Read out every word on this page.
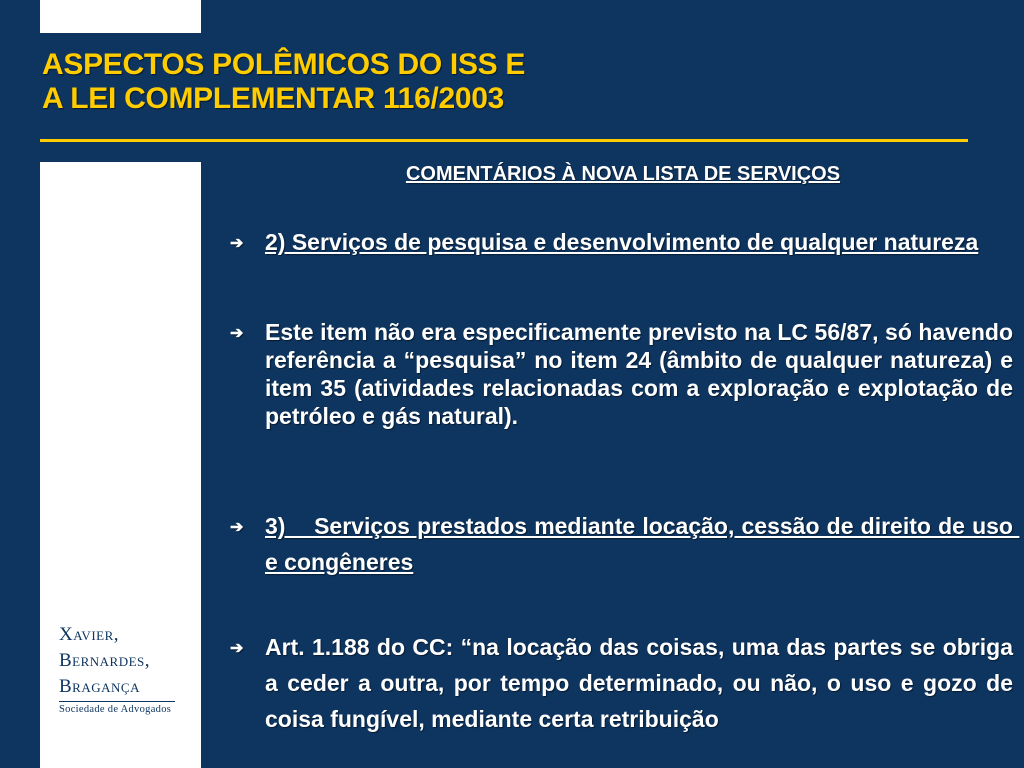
ASPECTOS POLÊMICOS DO ISS E
A LEI COMPLEMENTAR 116/2003
Xavier,
Bernardes,
Bragança
Sociedade de Advogados
COMENTÁRIOS À NOVA LISTA DE SERVIÇOS
➔ 2) Serviços de pesquisa e desenvolvimento de qualquer natureza
➔ Este item não era especificamente previsto na LC 56/87, só havendo referência a “pesquisa” no item 24 (âmbito de qualquer natureza) e item 35 (atividades relacionadas com a exploração e explotação de petróleo e gás natural).
➔ 3)    Serviços prestados mediante locação, cessão de direito de uso e congêneres
➔ Art. 1.188 do CC: “na locação das coisas, uma das partes se obriga a ceder a outra, por tempo determinado, ou não, o uso e gozo de coisa fungível, mediante certa retribuição
